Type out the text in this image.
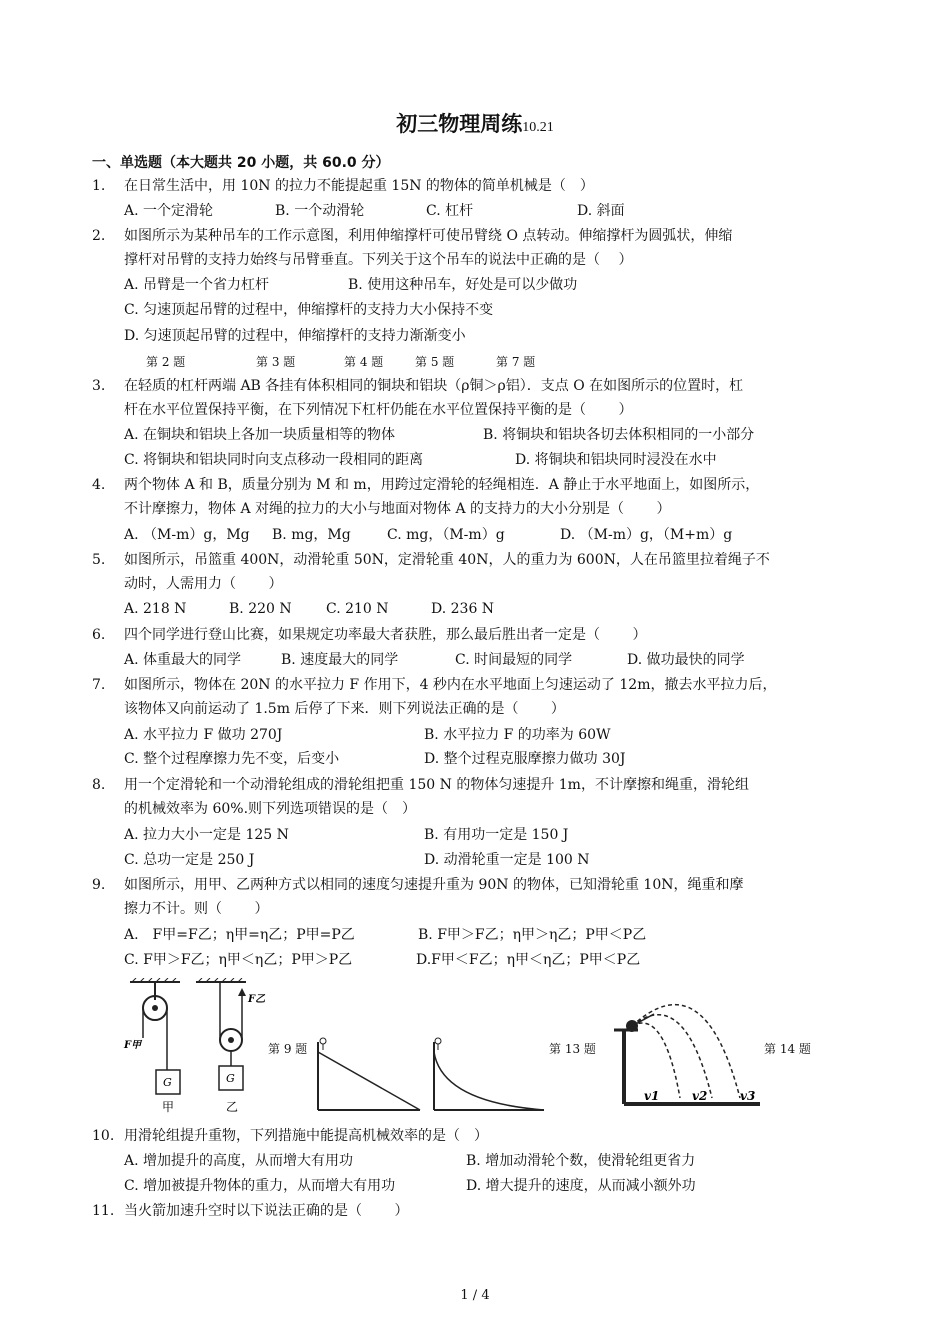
初三物理周练10.21
一、单选题（本大题共 20 小题，共 60.0 分）
1. 在日常生活中，用 10N 的拉力不能提起重 15N 的物体的简单机械是（　）
A. 一个定滑轮	B. 一个动滑轮	C. 杠杆	D. 斜面
2. 如图所示为某种吊车的工作示意图，利用伸缩撑杆可使吊臂绕 O 点转动。伸缩撑杆为圆弧状，伸缩
撑杆对吊臂的支持力始终与吊臂垂直。下列关于这个吊车的说法中正确的是（　 ）
A. 吊臂是一个省力杠杆	B. 使用这种吊车，好处是可以少做功
C. 匀速顶起吊臂的过程中，伸缩撑杆的支持力大小保持不变
D. 匀速顶起吊臂的过程中，伸缩撑杆的支持力渐渐变小
第 2 题	第 3 题	第 4 题	第 5 题	第 7 题
3. 在轻质的杠杆两端 AB 各挂有体积相同的铜块和铝块（ρ铜＞ρ铝）．支点 O 在如图所示的位置时，杠
杆在水平位置保持平衡，在下列情况下杠杆仍能在水平位置保持平衡的是（　　 ）
A. 在铜块和铝块上各加一块质量相等的物体	B. 将铜块和铝块各切去体积相同的一小部分
C. 将铜块和铝块同时向支点移动一段相同的距离	D. 将铜块和铝块同时浸没在水中
4. 两个物体 A 和 B，质量分别为 M 和 m，用跨过定滑轮的轻绳相连．A 静止于水平地面上，如图所示，
不计摩擦力，物体 A 对绳的拉力的大小与地面对物体 A 的支持力的大小分别是（　　 ）
A. （M-m）g，Mg B. mg，Mg	C. mg，（M-m）g	D. （M-m）g，（M+m）g
5. 如图所示，吊篮重 400N，动滑轮重 50N，定滑轮重 40N，人的重力为 600N，人在吊篮里拉着绳子不
动时，人需用力（　　 ）
A. 218 N	B. 220 N C. 210 N	D. 236 N
6. 四个同学进行登山比赛，如果规定功率最大者获胜，那么最后胜出者一定是（　　 ）
A. 体重最大的同学	B. 速度最大的同学	C. 时间最短的同学	D. 做功最快的同学
7. 如图所示，物体在 20N 的水平拉力 F 作用下，4 秒内在水平地面上匀速运动了 12m，撤去水平拉力后，
该物体又向前运动了 1.5m 后停了下来．则下列说法正确的是（　　 ）
A. 水平拉力 F 做功 270J	B. 水平拉力 F 的功率为 60W
C. 整个过程摩擦力先不变，后变小	D. 整个过程克服摩擦力做功 30J
8. 用一个定滑轮和一个动滑轮组成的滑轮组把重 150 N 的物体匀速提升 1m，不计摩擦和绳重，滑轮组
的机械效率为 60%.则下列选项错误的是（　）
A. 拉力大小一定是 125 N	B. 有用功一定是 150 J
C. 总功一定是 250 J	D. 动滑轮重一定是 100 N
9. 如图所示，用甲、乙两种方式以相同的速度匀速提升重为 90N 的物体，已知滑轮重 10N，绳重和摩
擦力不计。则（　　 ）
A.　F甲=F乙；η甲=η乙；P甲=P乙	B. F甲＞F乙；η甲＞η乙；P甲＜P乙
C. F甲＞F乙；η甲＜η乙；P甲＞P乙	D.F甲＜F乙；η甲＜η乙；P甲＜P乙
F甲
G
甲
F乙
G
乙
第 9 题	第 13 题
v1	v2	v3
第 14 题
10. 用滑轮组提升重物，下列措施中能提高机械效率的是（　）
A. 增加提升的高度，从而增大有用功	B. 增加动滑轮个数，使滑轮组更省力
C. 增加被提升物体的重力，从而增大有用功	D. 增大提升的速度，从而减小额外功
11. 当火箭加速升空时以下说法正确的是（　　 ）
1 / 4
